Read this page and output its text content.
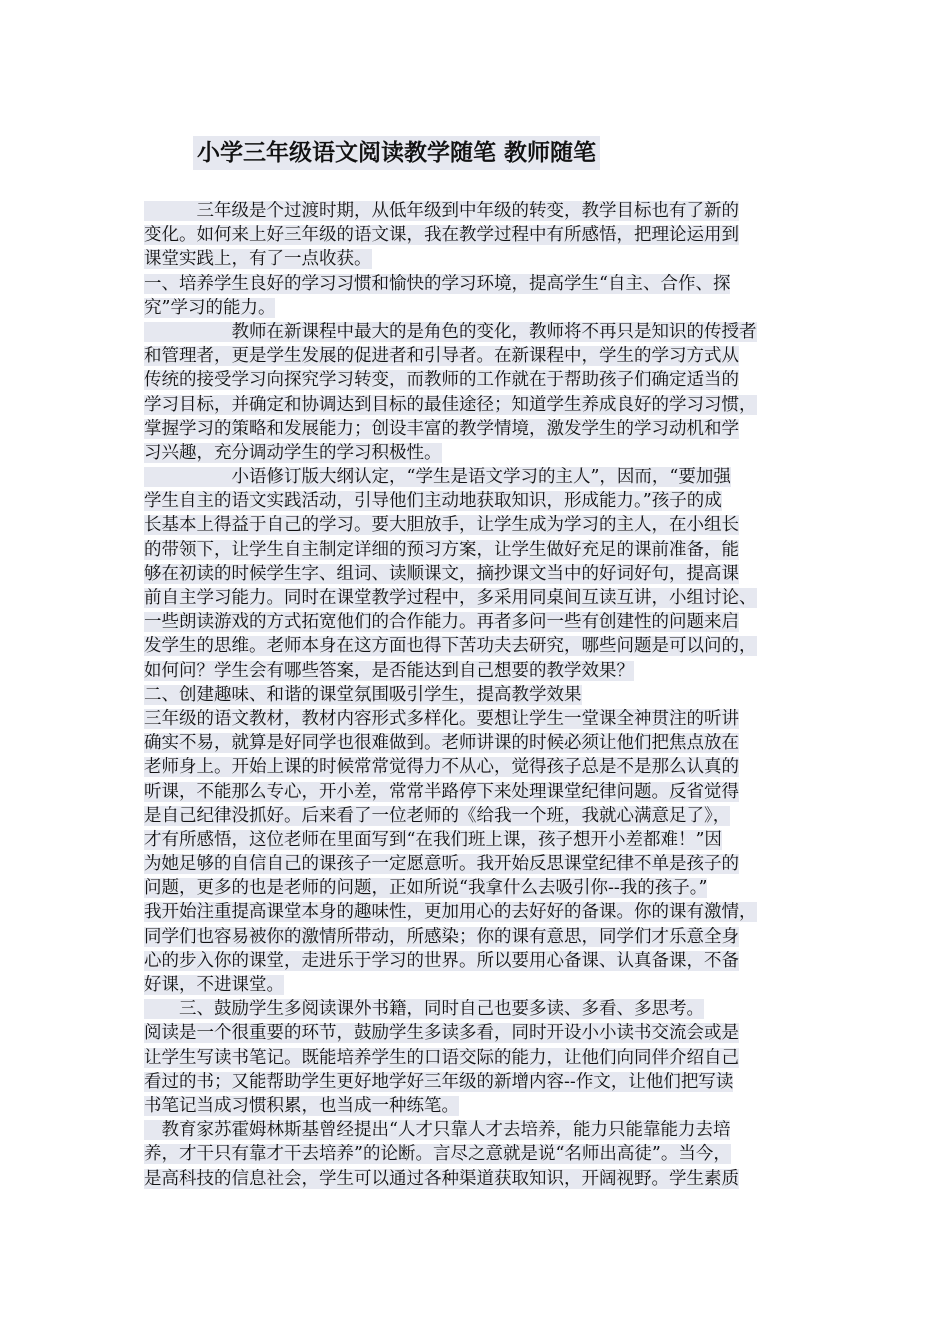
小学三年级语文阅读教学随笔 教师随笔
　　　三年级是个过渡时期，从低年级到中年级的转变，教学目标也有了新的
变化。如何来上好三年级的语文课，我在教学过程中有所感悟，把理论运用到
课堂实践上，有了一点收获。
一、培养学生良好的学习习惯和愉快的学习环境，提高学生“自主、合作、探
究”学习的能力。
　　　　　教师在新课程中最大的是角色的变化，教师将不再只是知识的传授者
和管理者，更是学生发展的促进者和引导者。在新课程中，学生的学习方式从
传统的接受学习向探究学习转变，而教师的工作就在于帮助孩子们确定适当的
学习目标，并确定和协调达到目标的最佳途径；知道学生养成良好的学习习惯，
掌握学习的策略和发展能力；创设丰富的教学情境，激发学生的学习动机和学
习兴趣，充分调动学生的学习积极性。
　　　　　小语修订版大纲认定，“学生是语文学习的主人”，因而，“要加强
学生自主的语文实践活动，引导他们主动地获取知识，形成能力。”孩子的成
长基本上得益于自己的学习。要大胆放手，让学生成为学习的主人，在小组长
的带领下，让学生自主制定详细的预习方案，让学生做好充足的课前准备，能
够在初读的时候学生字、组词、读顺课文，摘抄课文当中的好词好句，提高课
前自主学习能力。同时在课堂教学过程中，多采用同桌间互读互讲，小组讨论、
一些朗读游戏的方式拓宽他们的合作能力。再者多问一些有创建性的问题来启
发学生的思维。老师本身在这方面也得下苦功夫去研究，哪些问题是可以问的，
如何问？学生会有哪些答案，是否能达到自己想要的教学效果？
二、创建趣味、和谐的课堂氛围吸引学生，提高教学效果
三年级的语文教材，教材内容形式多样化。要想让学生一堂课全神贯注的听讲
确实不易，就算是好同学也很难做到。老师讲课的时候必须让他们把焦点放在
老师身上。开始上课的时候常常觉得力不从心，觉得孩子总是不是那么认真的
听课，不能那么专心，开小差，常常半路停下来处理课堂纪律问题。反省觉得
是自己纪律没抓好。后来看了一位老师的《给我一个班，我就心满意足了》，
才有所感悟，这位老师在里面写到“在我们班上课，孩子想开小差都难！”因
为她足够的自信自己的课孩子一定愿意听。我开始反思课堂纪律不单是孩子的
问题，更多的也是老师的问题，正如所说“我拿什么去吸引你--我的孩子。”
我开始注重提高课堂本身的趣味性，更加用心的去好好的备课。你的课有激情，
同学们也容易被你的激情所带动，所感染；你的课有意思，同学们才乐意全身
心的步入你的课堂，走进乐于学习的世界。所以要用心备课、认真备课，不备
好课，不进课堂。
　　三、鼓励学生多阅读课外书籍，同时自己也要多读、多看、多思考。
阅读是一个很重要的环节，鼓励学生多读多看，同时开设小小读书交流会或是
让学生写读书笔记。既能培养学生的口语交际的能力，让他们向同伴介绍自己
看过的书；又能帮助学生更好地学好三年级的新增内容--作文，让他们把写读
书笔记当成习惯积累，也当成一种练笔。
　教育家苏霍姆林斯基曾经提出“人才只靠人才去培养，能力只能靠能力去培
养，才干只有靠才干去培养”的论断。言尽之意就是说“名师出高徒”。当今，
是高科技的信息社会，学生可以通过各种渠道获取知识，开阔视野。学生素质
